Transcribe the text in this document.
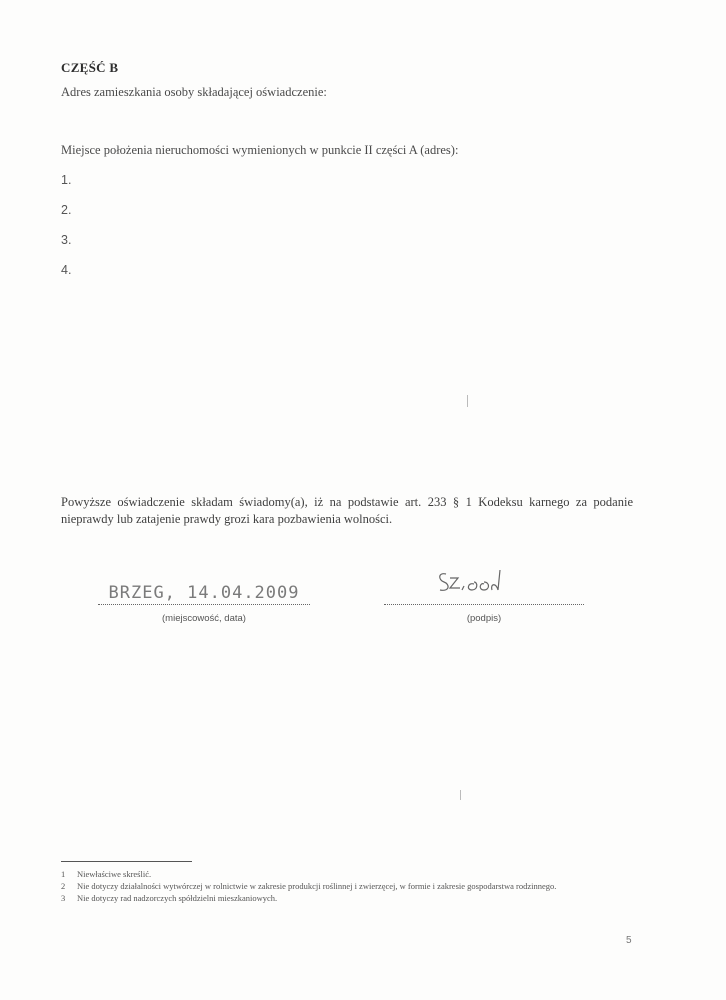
CZĘŚĆ B
Adres zamieszkania osoby składającej oświadczenie:
Miejsce położenia nieruchomości wymienionych w punkcie II części A (adres):
1.
2.
3.
4.
Powyższe oświadczenie składam świadomy(a), iż na podstawie art. 233 § 1 Kodeksu karnego za podanie nieprawdy lub zatajenie prawdy grozi kara pozbawienia wolności.
BRZEG, 14.04.2009
(miejscowość, data)	(podpis)
1 Niewłaściwe skreślić.
2 Nie dotyczy działalności wytwórczej w rolnictwie w zakresie produkcji roślinnej i zwierzęcej, w formie i zakresie gospodarstwa rodzinnego.
3 Nie dotyczy rad nadzorczych spółdzielni mieszkaniowych.
5
